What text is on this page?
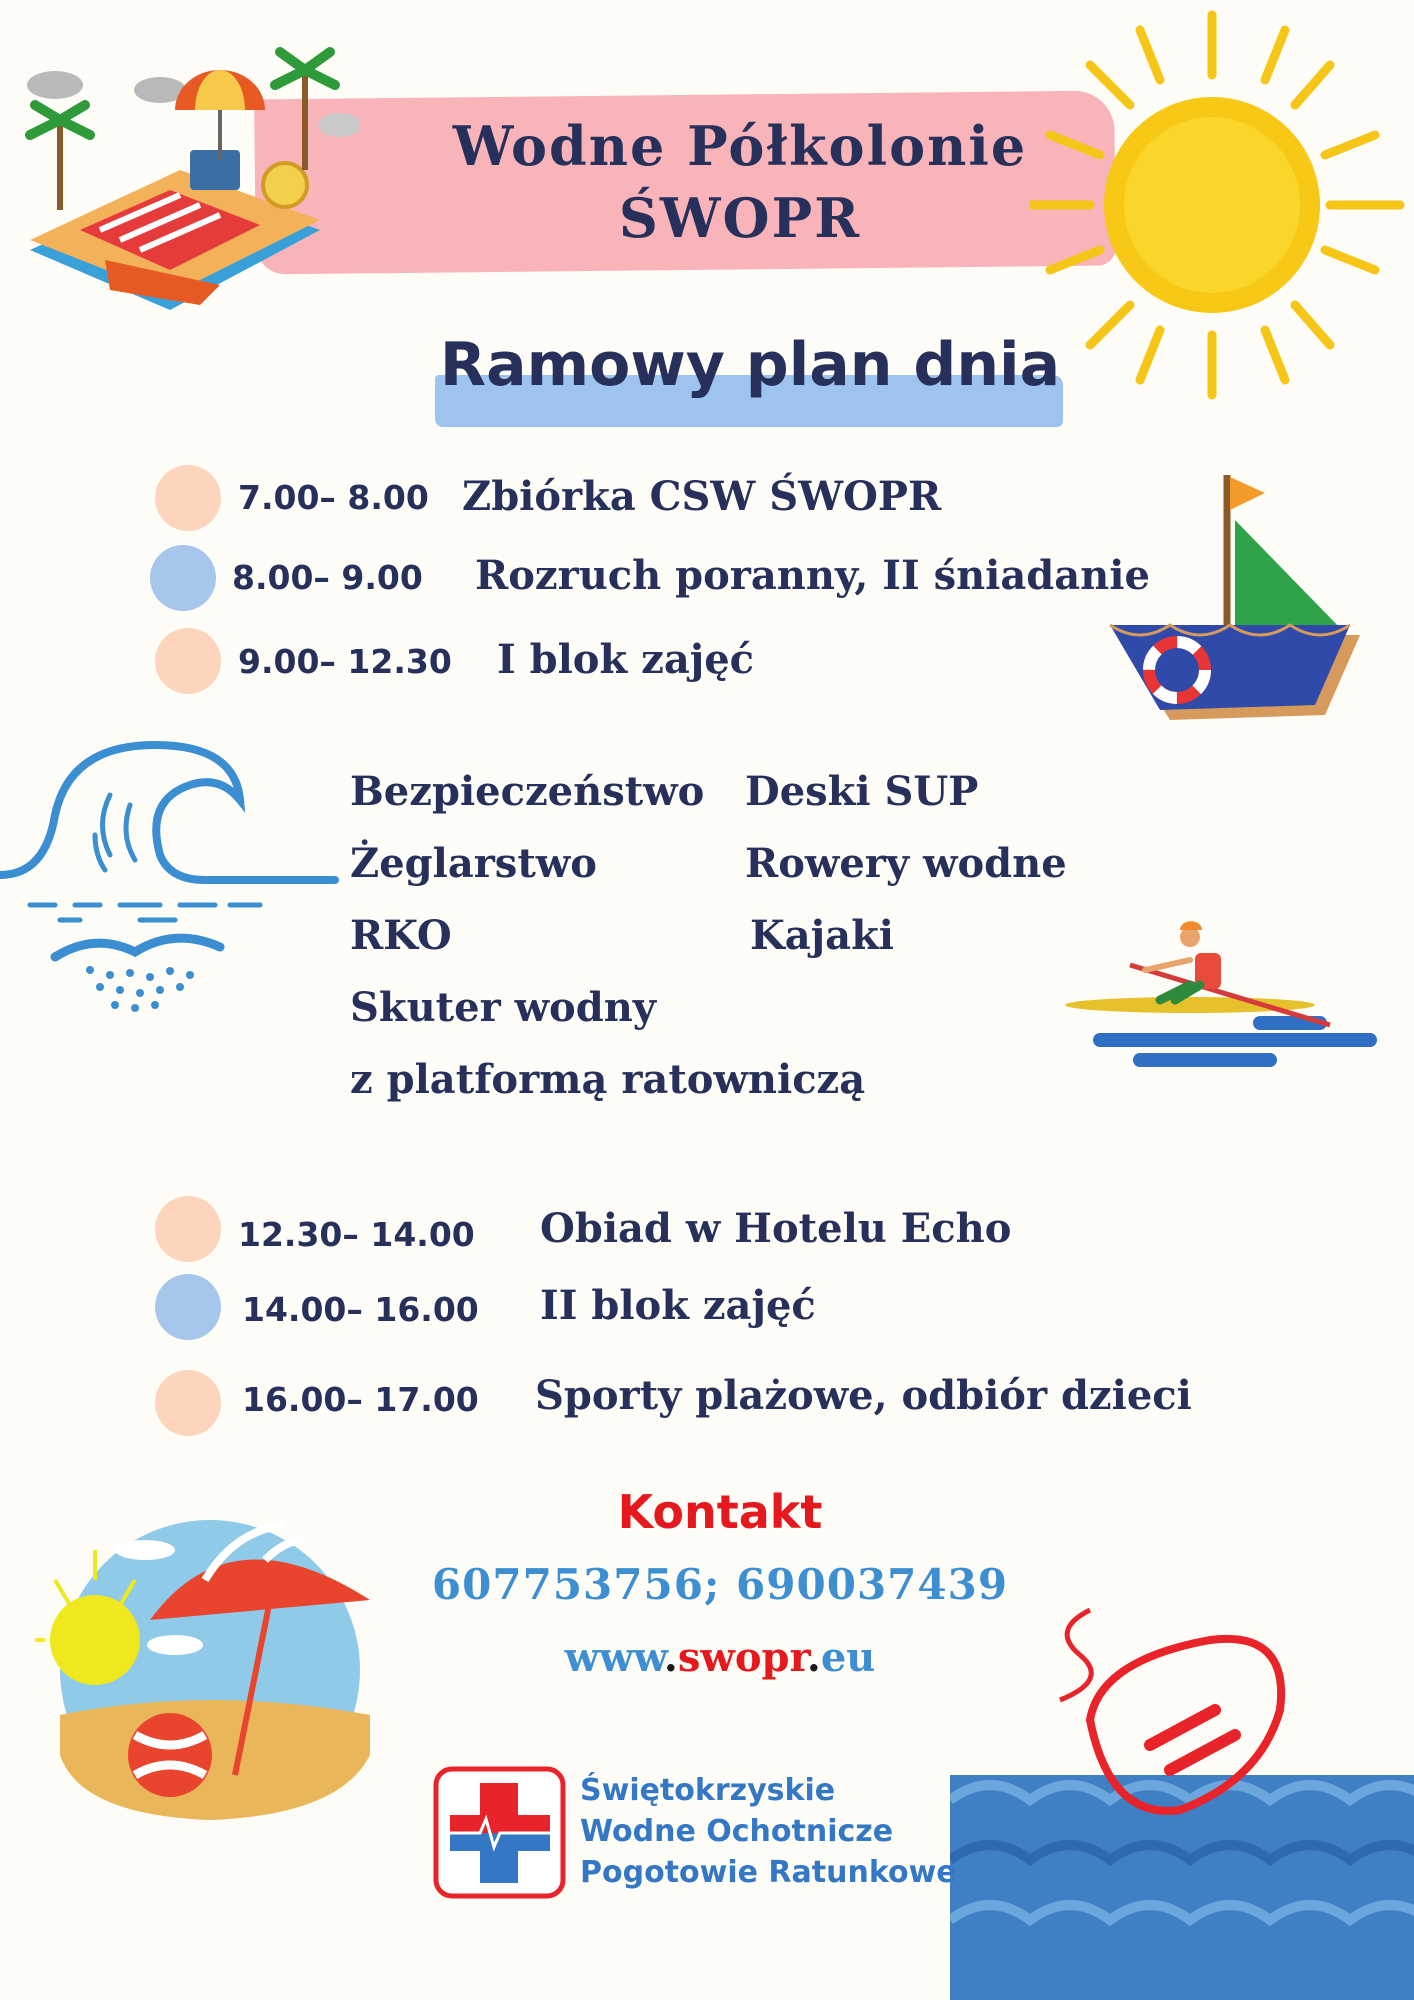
Wodne Półkolonie
ŚWOPR
Ramowy plan dnia
7.00– 8.00 Zbiórka CSW ŚWOPR
8.00– 9.00 Rozruch poranny, II śniadanie
9.00– 12.30 I blok zajęć
Bezpieczeństwo
Żeglarstwo
RKO
Skuter wodny
z platformą ratowniczą
Deski SUP
Rowery wodne
Kajaki
12.30– 14.00 Obiad w Hotelu Echo
14.00– 16.00 II blok zajęć
16.00– 17.00 Sporty plażowe, odbiór dzieci
Kontakt
607753756; 690037439
www.swopr.eu
Świętokrzyskie
Wodne Ochotnicze
Pogotowie Ratunkowe
